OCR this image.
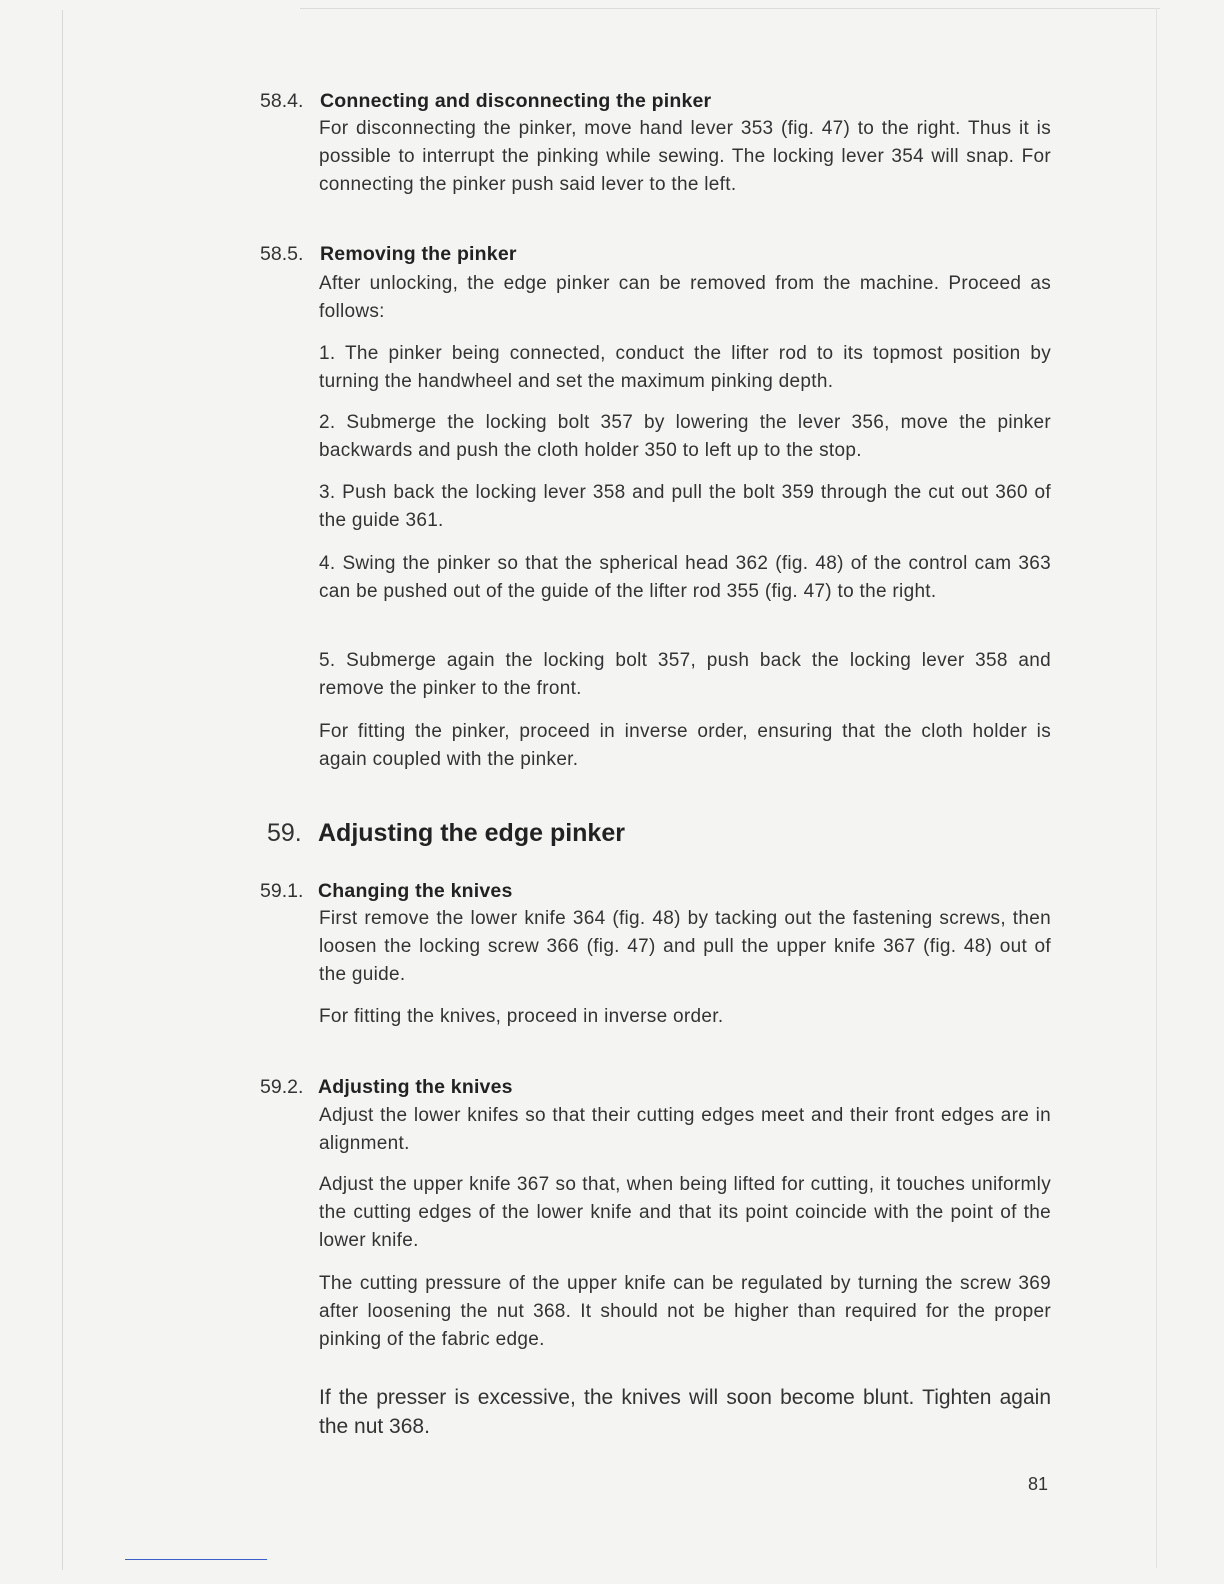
58.4. Connecting and disconnecting the pinker

For disconnecting the pinker, move hand lever 353 (fig. 47) to the right. Thus it is possible to interrupt the pinking while sewing. The locking lever 354 will snap. For connecting the pinker push said lever to the left.

58.5. Removing the pinker

After unlocking, the edge pinker can be removed from the machine. Proceed as follows:

1. The pinker being connected, conduct the lifter rod to its topmost position by turning the handwheel and set the maximum pinking depth.

2. Submerge the locking bolt 357 by lowering the lever 356, move the pinker backwards and push the cloth holder 350 to left up to the stop.

3. Push back the locking lever 358 and pull the bolt 359 through the cut out 360 of the guide 361.

4. Swing the pinker so that the spherical head 362 (fig. 48) of the control cam 363 can be pushed out of the guide of the lifter rod 355 (fig. 47) to the right.

5. Submerge again the locking bolt 357, push back the locking lever 358 and remove the pinker to the front.

For fitting the pinker, proceed in inverse order, ensuring that the cloth holder is again coupled with the pinker.

59. Adjusting the edge pinker
59.1. Changing the knives

First remove the lower knife 364 (fig. 48) by tacking out the fastening screws, then loosen the locking screw 366 (fig. 47) and pull the upper knife 367 (fig. 48) out of the guide.

For fitting the knives, proceed in inverse order.

59.2. Adjusting the knives

Adjust the lower knifes so that their cutting edges meet and their front edges are in alignment.

Adjust the upper knife 367 so that, when being lifted for cutting, it touches uniformly the cutting edges of the lower knife and that its point coincide with the point of the lower knife.

The cutting pressure of the upper knife can be regulated by turning the screw 369 after loosening the nut 368. It should not be higher than required for the proper pinking of the fabric edge.

If the presser is excessive, the knives will soon become blunt. Tighten again the nut 368.

81
